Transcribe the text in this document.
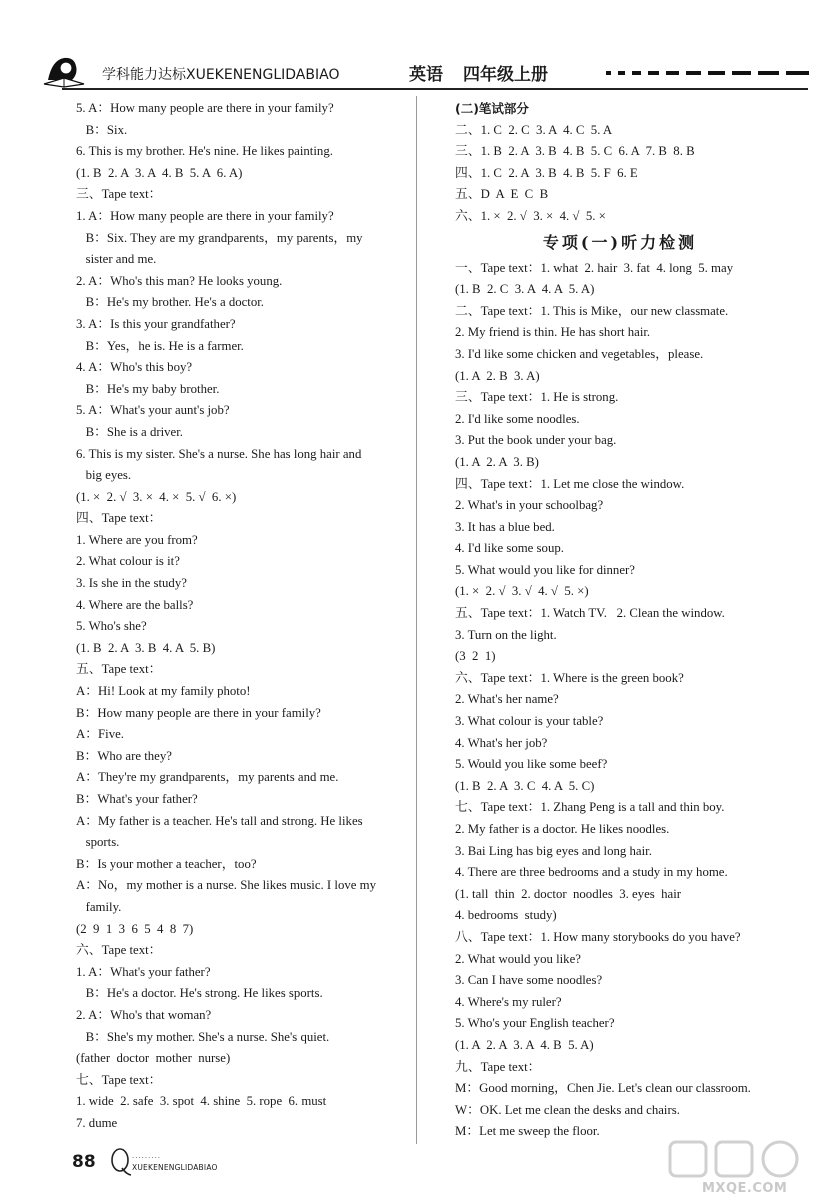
学科能力达标XUEKENENGLIDABIAO	英语 四年级上册
5. A：How many people are there in your family?
B：Six.
6. This is my brother. He's nine. He likes painting.
(1. B  2. A  3. A  4. B  5. A  6. A)
三、Tape text：
1. A：How many people are there in your family?
B：Six. They are my grandparents，my parents，my
sister and me.
2. A：Who's this man? He looks young.
B：He's my brother. He's a doctor.
3. A：Is this your grandfather?
B：Yes，he is. He is a farmer.
4. A：Who's this boy?
B：He's my baby brother.
5. A：What's your aunt's job?
B：She is a driver.
6. This is my sister. She's a nurse. She has long hair and
big eyes.
(1. ×  2. √  3. ×  4. ×  5. √  6. ×)
四、Tape text：
1. Where are you from?
2. What colour is it?
3. Is she in the study?
4. Where are the balls?
5. Who's she?
(1. B  2. A  3. B  4. A  5. B)
五、Tape text：
A：Hi! Look at my family photo!
B：How many people are there in your family?
A：Five.
B：Who are they?
A：They're my grandparents，my parents and me.
B：What's your father?
A：My father is a teacher. He's tall and strong. He likes
sports.
B：Is your mother a teacher，too?
A：No，my mother is a nurse. She likes music. I love my
family.
(2  9  1  3  6  5  4  8  7)
六、Tape text：
1. A：What's your father?
B：He's a doctor. He's strong. He likes sports.
2. A：Who's that woman?
B：She's my mother. She's a nurse. She's quiet.
(father  doctor  mother  nurse)
七、Tape text：
1. wide  2. safe  3. spot  4. shine  5. rope  6. must
7. dume
(二)笔试部分
二、1. C  2. C  3. A  4. C  5. A
三、1. B  2. A  3. B  4. B  5. C  6. A  7. B  8. B
四、1. C  2. A  3. B  4. B  5. F  6. E
五、D  A  E  C  B
六、1. ×  2. √  3. ×  4. √  5. ×
专项(一)听力检测
一、Tape text：1. what  2. hair  3. fat  4. long  5. may
(1. B  2. C  3. A  4. A  5. A)
二、Tape text：1. This is Mike，our new classmate.
2. My friend is thin. He has short hair.
3. I'd like some chicken and vegetables，please.
(1. A  2. B  3. A)
三、Tape text：1. He is strong.
2. I'd like some noodles.
3. Put the book under your bag.
(1. A  2. A  3. B)
四、Tape text：1. Let me close the window.
2. What's in your schoolbag?
3. It has a blue bed.
4. I'd like some soup.
5. What would you like for dinner?
(1. ×  2. √  3. √  4. √  5. ×)
五、Tape text：1. Watch TV.   2. Clean the window.
3. Turn on the light.
(3  2  1)
六、Tape text：1. Where is the green book?
2. What's her name?
3. What colour is your table?
4. What's her job?
5. Would you like some beef?
(1. B  2. A  3. C  4. A  5. C)
七、Tape text：1. Zhang Peng is a tall and thin boy.
2. My father is a doctor. He likes noodles.
3. Bai Ling has big eyes and long hair.
4. There are three bedrooms and a study in my home.
(1. tall  thin  2. doctor  noodles  3. eyes  hair
4. bedrooms  study)
八、Tape text：1. How many storybooks do you have?
2. What would you like?
3. Can I have some noodles?
4. Where's my ruler?
5. Who's your English teacher?
(1. A  2. A  3. A  4. B  5. A)
九、Tape text：
M：Good morning，Chen Jie. Let's clean our classroom.
W：OK. Let me clean the desks and chairs.
M：Let me sweep the floor.
88	·········
XUEKENENGLIDABIAO
MXQE.COM
